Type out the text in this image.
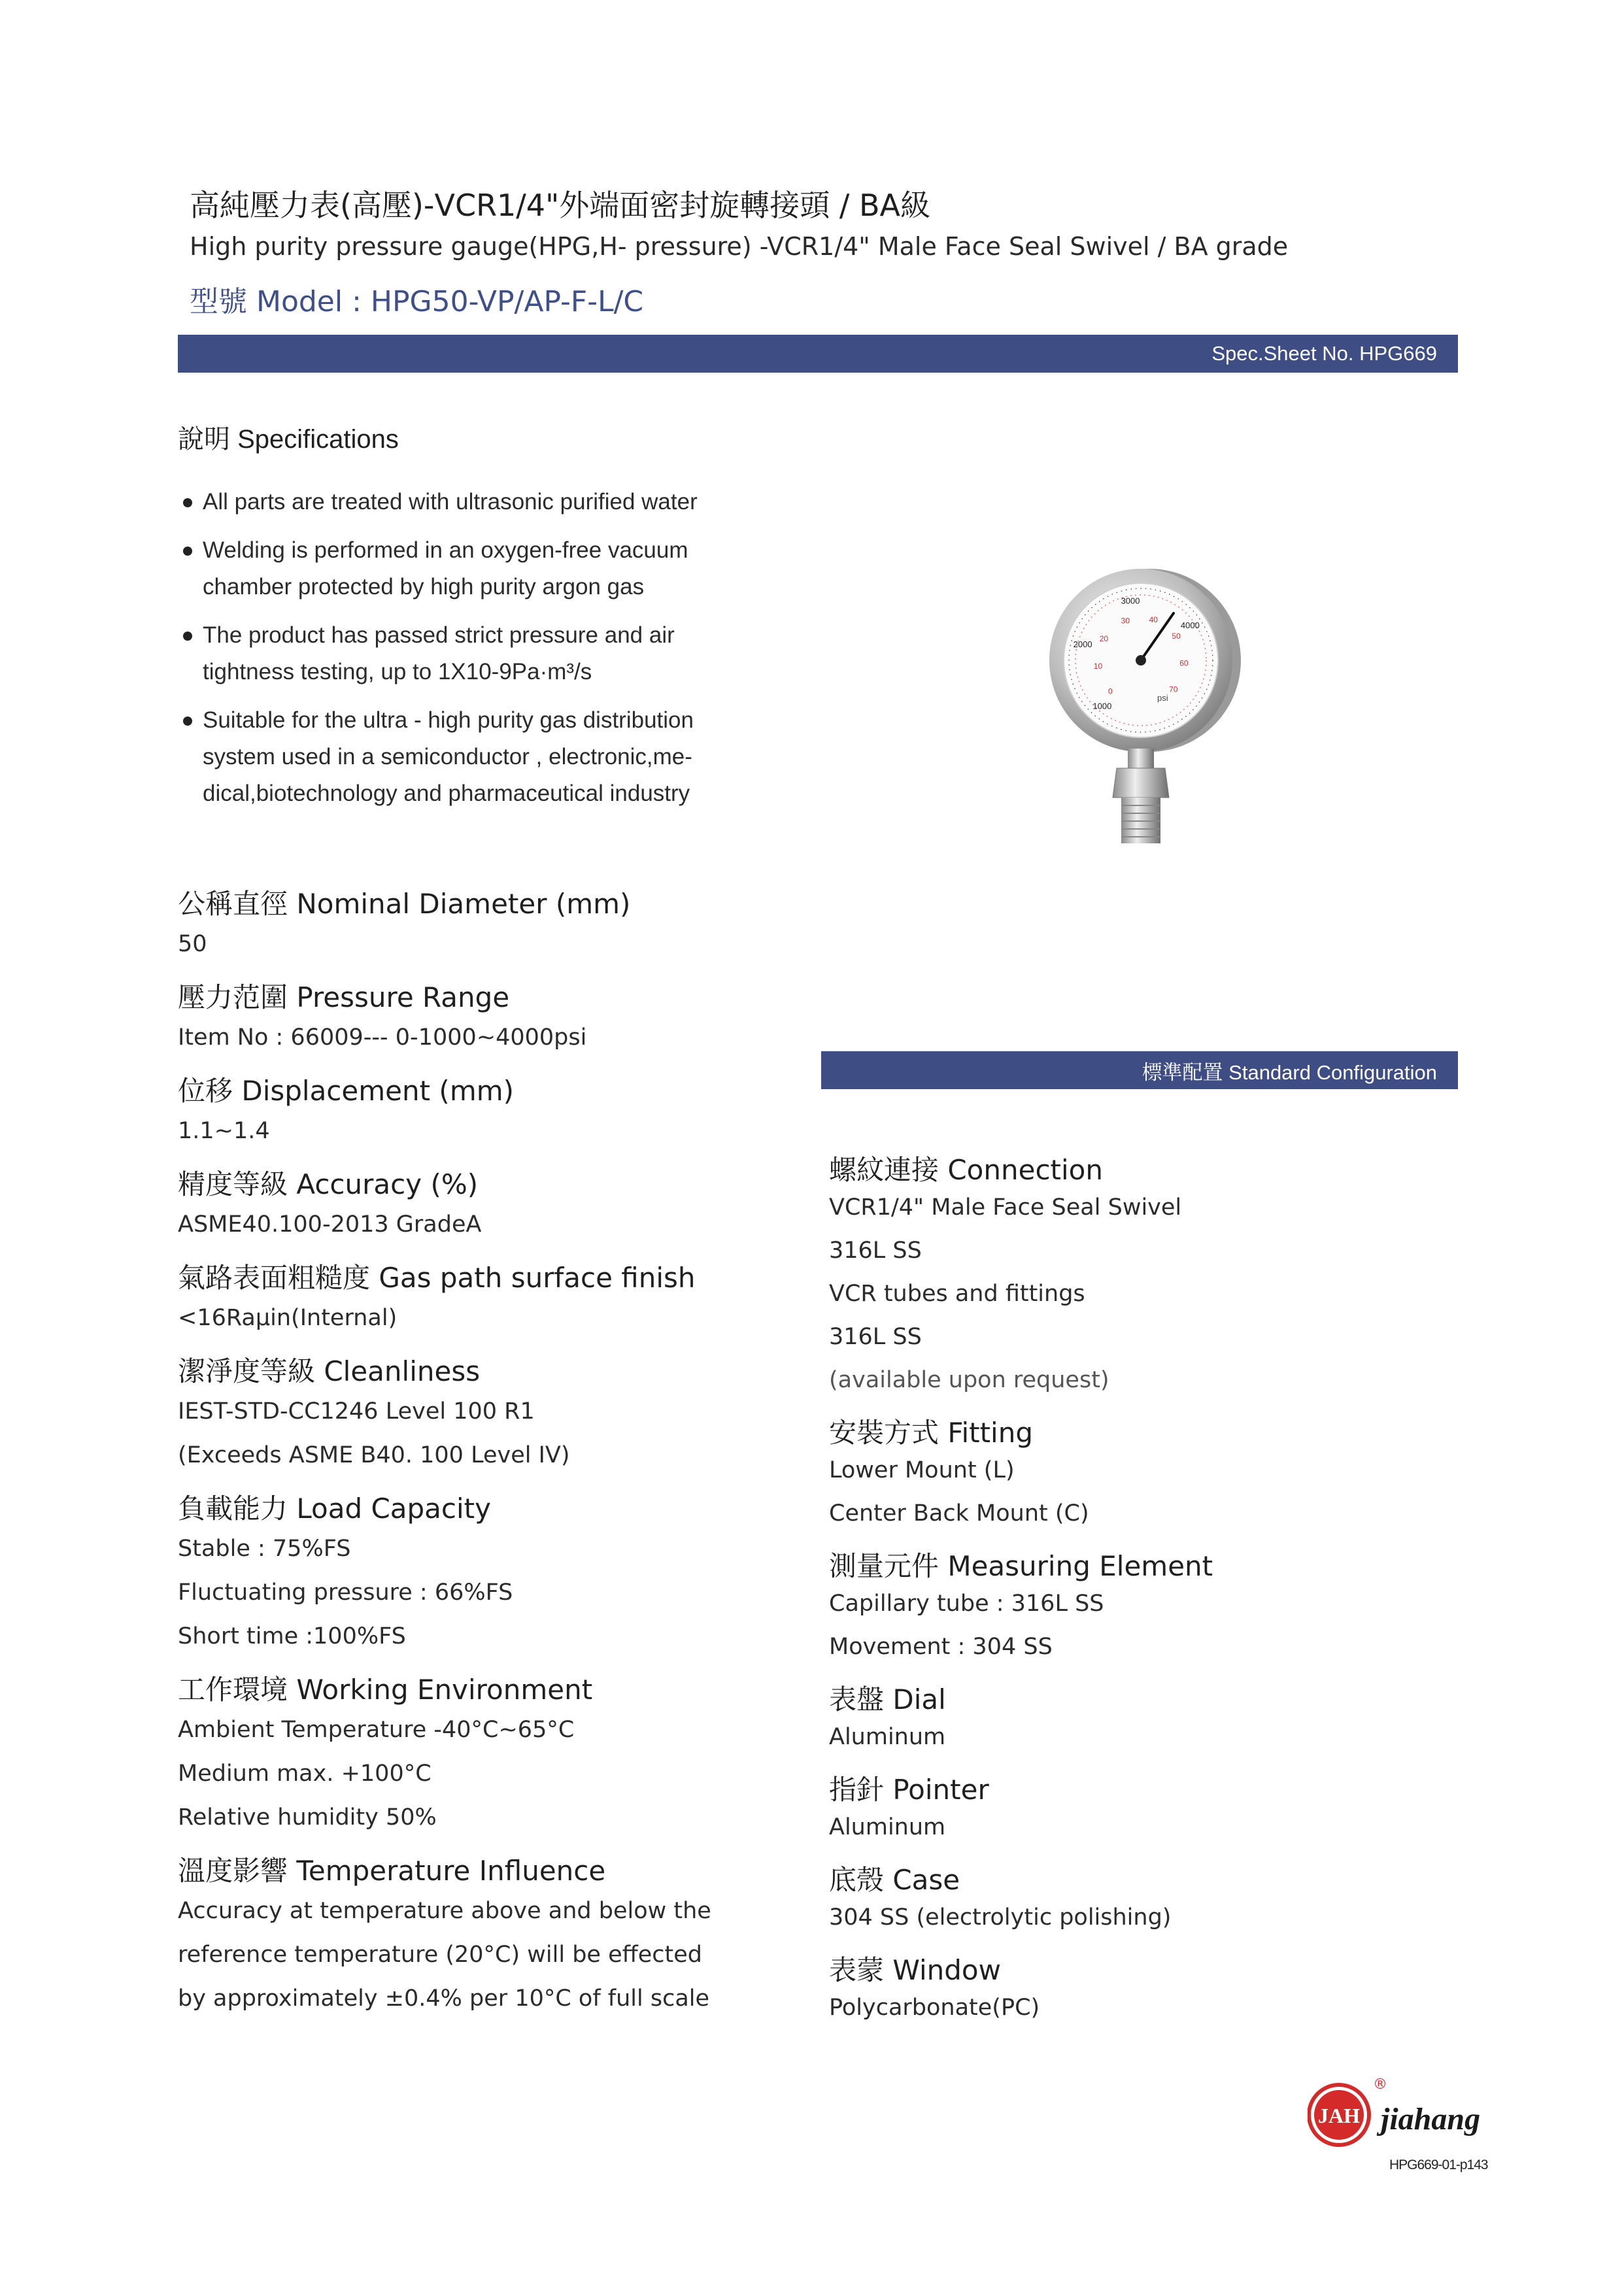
高純壓力表(高壓)-VCR1/4"外端面密封旋轉接頭 / BA級
High purity pressure gauge(HPG,H- pressure) -VCR1/4" Male Face Seal Swivel / BA grade
型號 Model : HPG50-VP/AP-F-L/C
Spec.Sheet No. HPG669
說明 Specifications
All parts are treated with ultrasonic purified water
Welding is performed in an oxygen-free vacuum
chamber protected by high purity argon gas
The product has passed strict pressure and air
tightness testing, up to 1X10-9Pa·m³/s
Suitable for the ultra - high purity gas distribution
system used in a semiconductor , electronic,me-
dical,biotechnology and pharmaceutical industry
1000
2000
3000
4000
0
10
20
30 40
50
60
70
psi
標準配置 Standard Configuration
公稱直徑 Nominal Diameter (mm)
50
壓力范圍 Pressure Range
Item No : 66009--- 0-1000~4000psi
位移 Displacement (mm)
1.1~1.4
精度等級 Accuracy (%)
ASME40.100-2013 GradeA
氣路表面粗糙度 Gas path surface finish
<16Raμin(Internal)
潔淨度等級 Cleanliness
IEST-STD-CC1246 Level 100 R1
(Exceeds ASME B40. 100 Level IV)
負載能力 Load Capacity
Stable : 75%FS
Fluctuating pressure : 66%FS
Short time :100%FS
工作環境 Working Environment
Ambient Temperature -40°C~65°C
Medium max. +100°C
Relative humidity 50%
溫度影響 Temperature Influence
Accuracy at temperature above and below the
reference temperature (20°C) will be effected
by approximately ±0.4% per 10°C of full scale
螺紋連接 Connection
VCR1/4" Male Face Seal Swivel
316L SS
VCR tubes and fittings
316L SS
(available upon request)
安裝方式 Fitting
Lower Mount (L)
Center Back Mount (C)
測量元件 Measuring Element
Capillary tube : 316L SS
Movement : 304 SS
表盤 Dial
Aluminum
指針 Pointer
Aluminum
底殼 Case
304 SS (electrolytic polishing)
表蒙 Window
Polycarbonate(PC)
JAH
®
jiahang
HPG669-01-p143
